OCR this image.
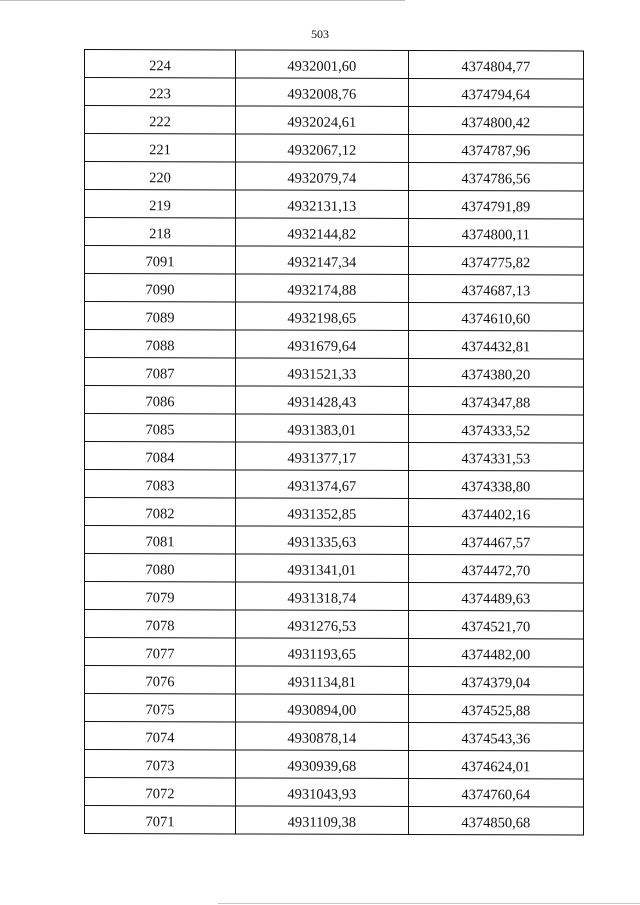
503
224	4932001,60	4374804,77
223	4932008,76	4374794,64
222	4932024,61	4374800,42
221	4932067,12	4374787,96
220	4932079,74	4374786,56
219	4932131,13	4374791,89
218	4932144,82	4374800,11
7091	4932147,34	4374775,82
7090	4932174,88	4374687,13
7089	4932198,65	4374610,60
7088	4931679,64	4374432,81
7087	4931521,33	4374380,20
7086	4931428,43	4374347,88
7085	4931383,01	4374333,52
7084	4931377,17	4374331,53
7083	4931374,67	4374338,80
7082	4931352,85	4374402,16
7081	4931335,63	4374467,57
7080	4931341,01	4374472,70
7079	4931318,74	4374489,63
7078	4931276,53	4374521,70
7077	4931193,65	4374482,00
7076	4931134,81	4374379,04
7075	4930894,00	4374525,88
7074	4930878,14	4374543,36
7073	4930939,68	4374624,01
7072	4931043,93	4374760,64
7071	4931109,38	4374850,68
